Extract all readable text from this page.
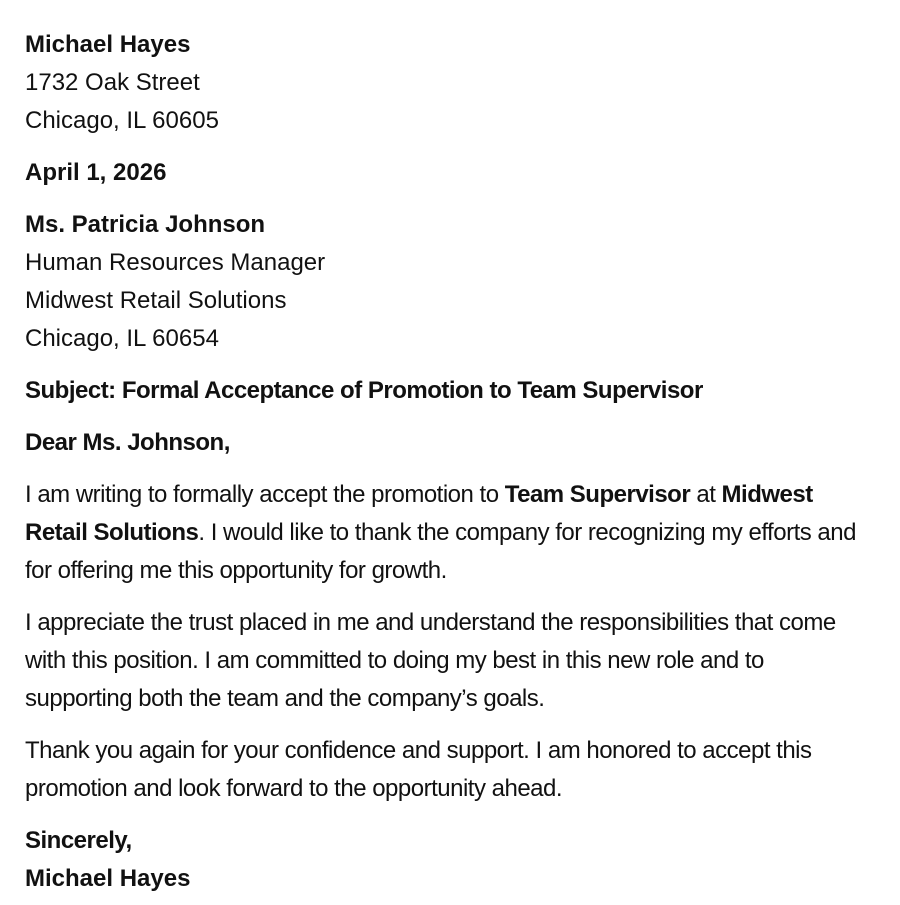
Michael Hayes

1732 Oak Street

Chicago, IL 60605

April 1, 2026

Ms. Patricia Johnson

Human Resources Manager

Midwest Retail Solutions

Chicago, IL 60654

Subject: Formal Acceptance of Promotion to Team Supervisor

Dear Ms. Johnson,

I am writing to formally accept the promotion to Team Supervisor at Midwest Retail Solutions. I would like to thank the company for recognizing my efforts and for offering me this opportunity for growth.

I appreciate the trust placed in me and understand the responsibilities that come with this position. I am committed to doing my best in this new role and to supporting both the team and the company’s goals.

Thank you again for your confidence and support. I am honored to accept this promotion and look forward to the opportunity ahead.

Sincerely,

Michael Hayes
